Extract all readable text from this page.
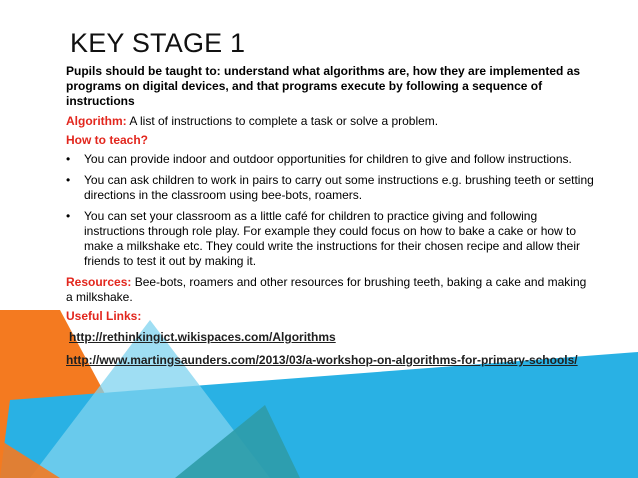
KEY STAGE 1

Pupils should be taught to: understand what algorithms are, how they are implemented as programs on digital devices, and that programs execute by following a sequence of instructions

Algorithm: A list of instructions to complete a task or solve a problem.

How to teach?

• You can provide indoor and outdoor opportunities for children to give and follow instructions.
• You can ask children to work in pairs to carry out some instructions e.g. brushing teeth or setting directions in the classroom using bee-bots, roamers.
• You can set your classroom as a little café for children to practice giving and following instructions through role play. For example they could focus on how to bake a cake or how to make a milkshake etc. They could write the instructions for their chosen recipe and allow their friends to test it out by making it.

Resources: Bee-bots, roamers and other resources for brushing teeth, baking a cake and making a milkshake.

Useful Links:

http://rethinkingict.wikispaces.com/Algorithms
http://www.martingsaunders.com/2013/03/a-workshop-on-algorithms-for-primary-schools/
